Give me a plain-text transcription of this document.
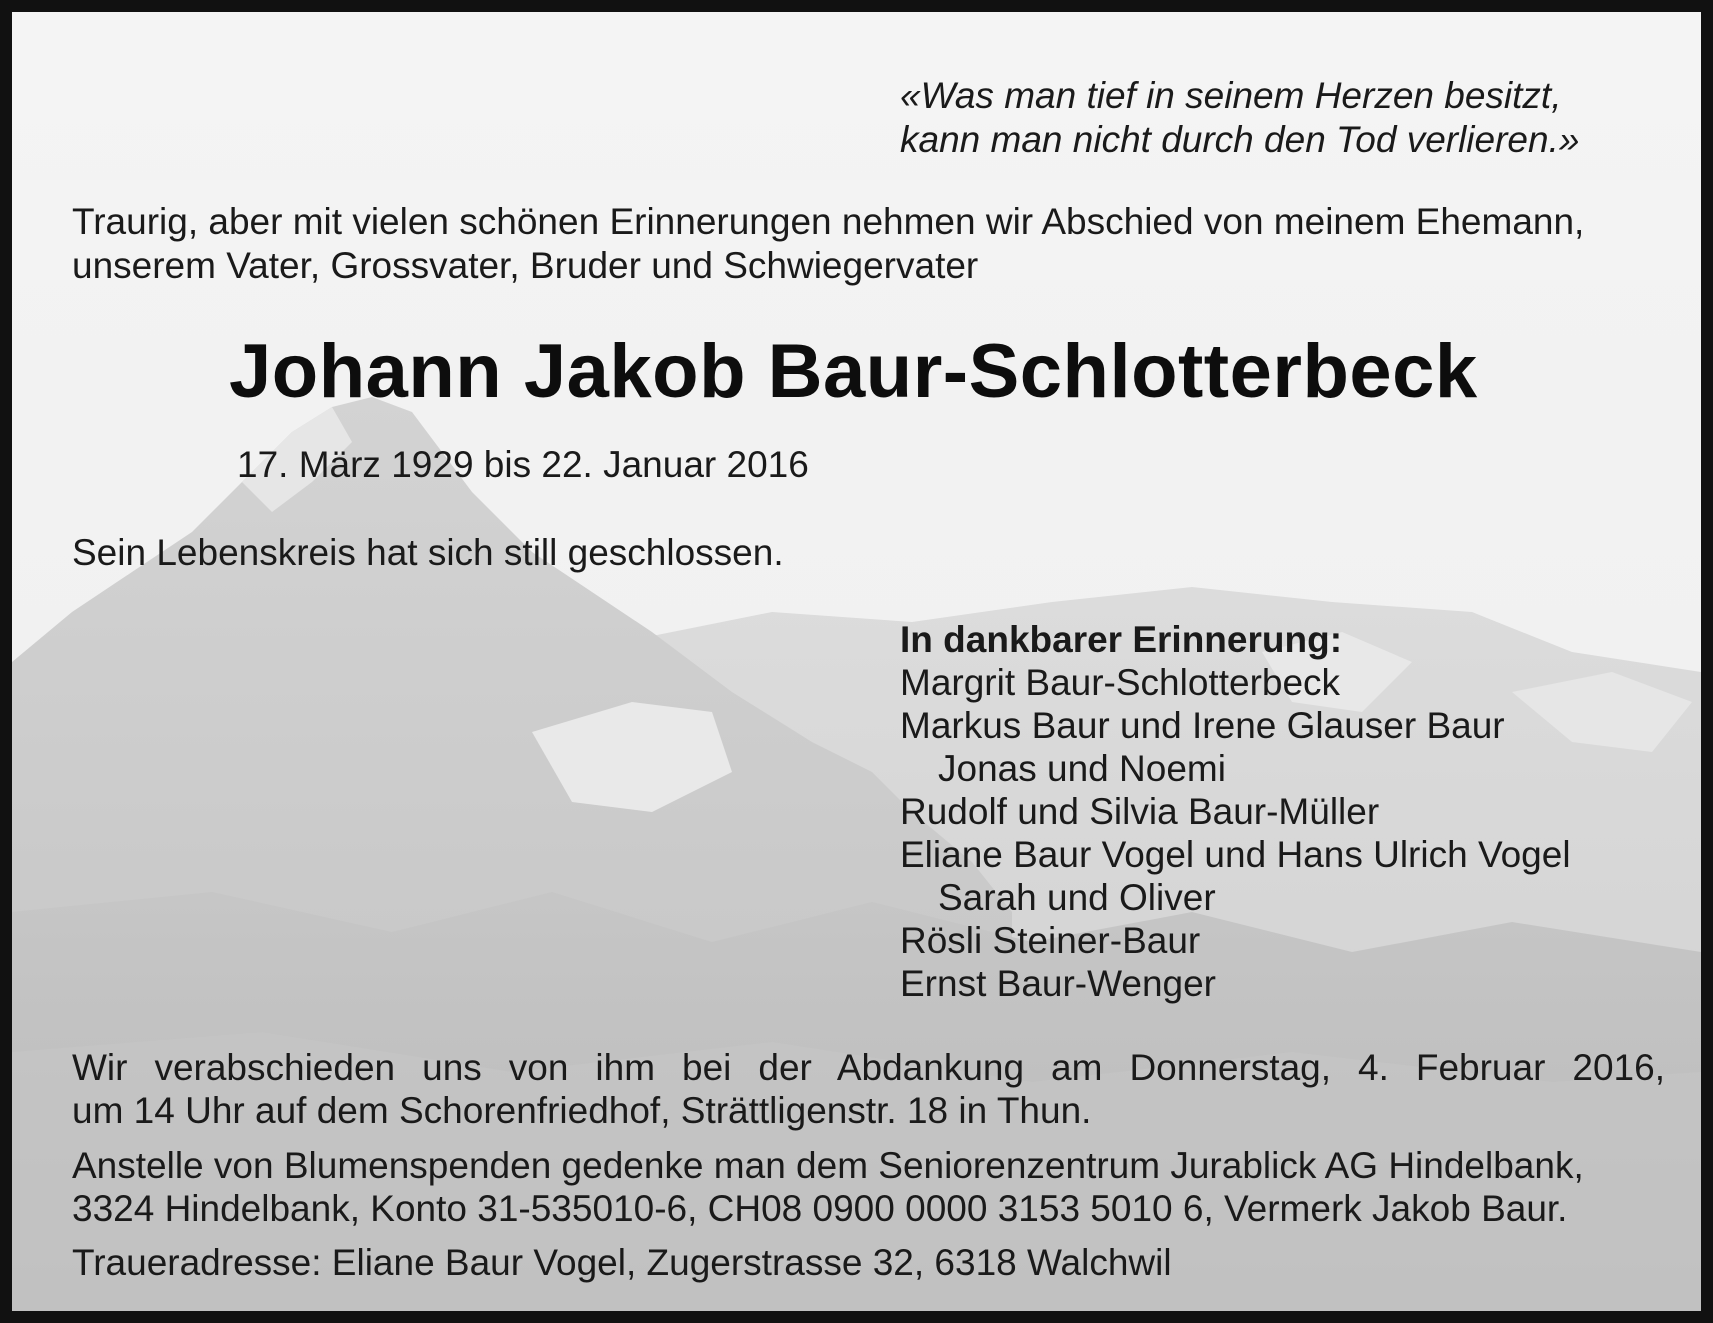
«Was man tief in seinem Herzen besitzt,
kann man nicht durch den Tod verlieren.»
Traurig, aber mit vielen schönen Erinnerungen nehmen wir Abschied von meinem Ehemann,
unserem Vater, Grossvater, Bruder und Schwiegervater
Johann Jakob Baur-Schlotterbeck
17. März 1929 bis 22. Januar 2016
Sein Lebenskreis hat sich still geschlossen.
In dankbarer Erinnerung:
Margrit Baur-Schlotterbeck
Markus Baur und Irene Glauser Baur
Jonas und Noemi
Rudolf und Silvia Baur-Müller
Eliane Baur Vogel und Hans Ulrich Vogel
Sarah und Oliver
Rösli Steiner-Baur
Ernst Baur-Wenger
Wir verabschieden uns von ihm bei der Abdankung am Donnerstag, 4. Februar 2016,
um 14 Uhr auf dem Schorenfriedhof, Strättligenstr. 18 in Thun.
Anstelle von Blumenspenden gedenke man dem Seniorenzentrum Jurablick AG Hindelbank,
3324 Hindelbank, Konto 31-535010-6, CH08 0900 0000 3153 5010 6, Vermerk Jakob Baur.
Traueradresse: Eliane Baur Vogel, Zugerstrasse 32, 6318 Walchwil
